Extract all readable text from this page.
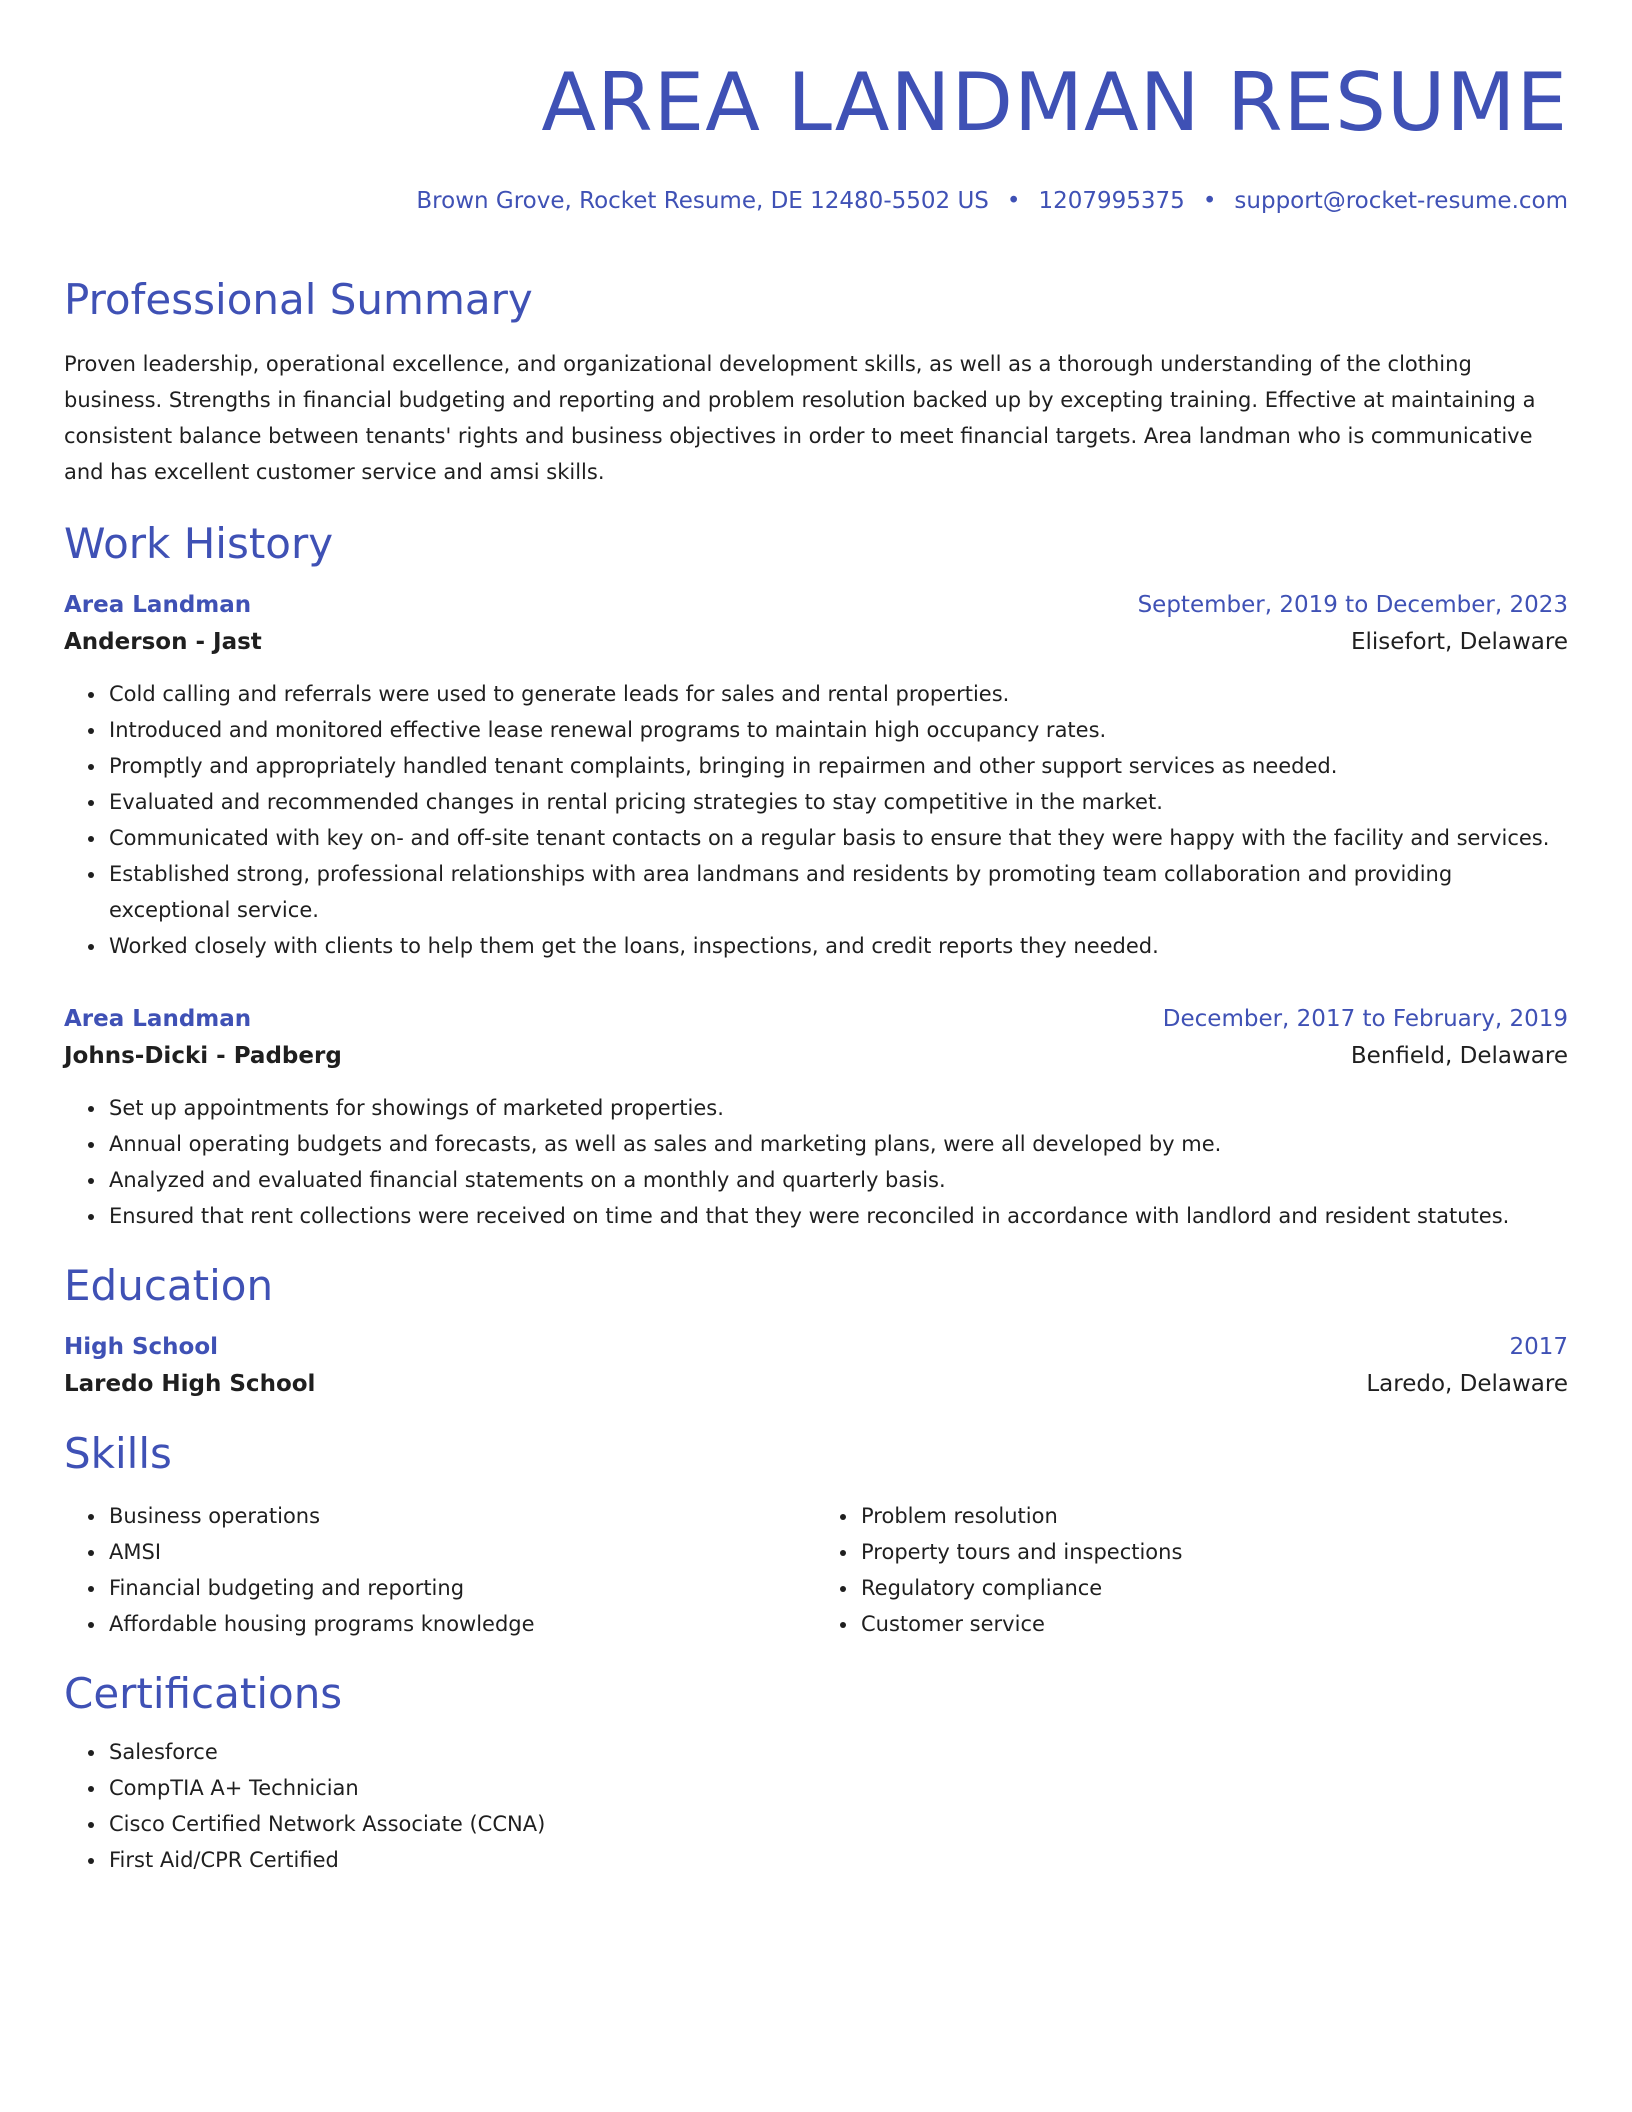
AREA LANDMAN RESUME
Brown Grove, Rocket Resume, DE 12480-5502 US • 1207995375 • support@rocket-resume.com
Professional Summary

Proven leadership, operational excellence, and organizational development skills, as well as a thorough understanding of the clothing business. Strengths in financial budgeting and reporting and problem resolution backed up by excepting training. Effective at maintaining a consistent balance between tenants' rights and business objectives in order to meet financial targets. Area landman who is communicative and has excellent customer service and amsi skills.

Work History
Area Landman	September, 2019 to December, 2023
Anderson - Jast	Elisefort, Delaware
• Cold calling and referrals were used to generate leads for sales and rental properties.
• Introduced and monitored effective lease renewal programs to maintain high occupancy rates.
• Promptly and appropriately handled tenant complaints, bringing in repairmen and other support services as needed.
• Evaluated and recommended changes in rental pricing strategies to stay competitive in the market.
• Communicated with key on- and off-site tenant contacts on a regular basis to ensure that they were happy with the facility and services.
• Established strong, professional relationships with area landmans and residents by promoting team collaboration and providing exceptional service.
• Worked closely with clients to help them get the loans, inspections, and credit reports they needed.
Area Landman	December, 2017 to February, 2019
Johns-Dicki - Padberg	Benfield, Delaware
• Set up appointments for showings of marketed properties.
• Annual operating budgets and forecasts, as well as sales and marketing plans, were all developed by me.
• Analyzed and evaluated financial statements on a monthly and quarterly basis.
• Ensured that rent collections were received on time and that they were reconciled in accordance with landlord and resident statutes.
Education
High School	2017
Laredo High School	Laredo, Delaware
Skills
• Business operations
• AMSI
• Financial budgeting and reporting
• Affordable housing programs knowledge
• Problem resolution
• Property tours and inspections
• Regulatory compliance
• Customer service
Certifications
• Salesforce
• CompTIA A+ Technician
• Cisco Certified Network Associate (CCNA)
• First Aid/CPR Certified
